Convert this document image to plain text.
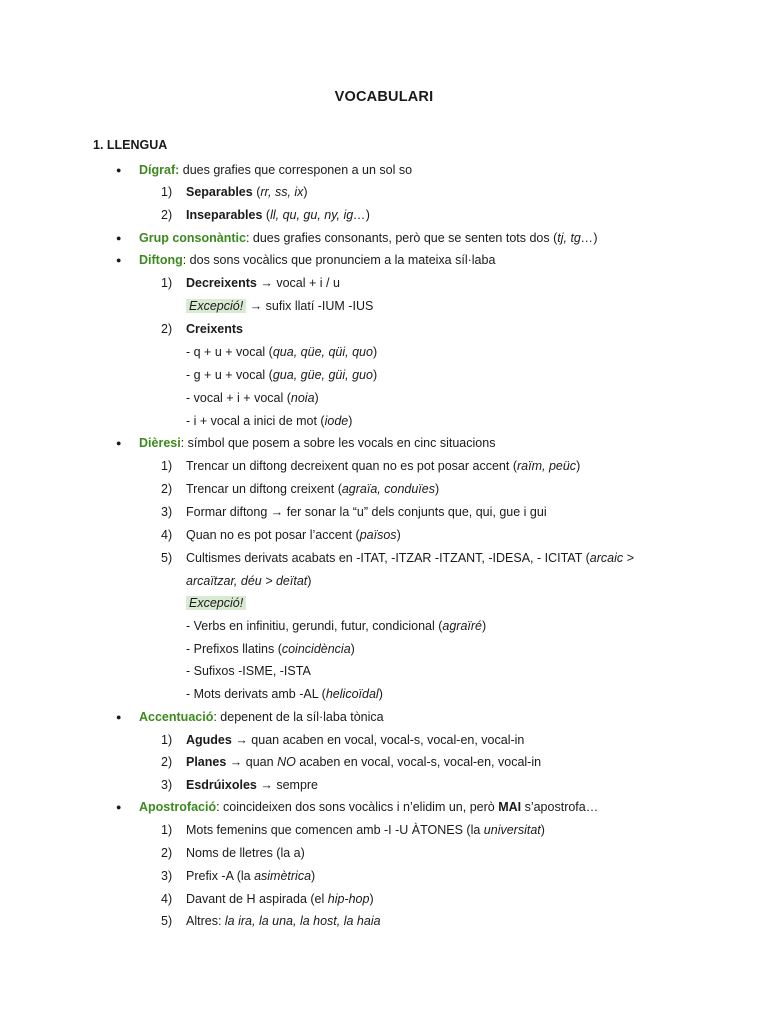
VOCABULARI
1. LLENGUA
● Dígraf: dues grafies que corresponen a un sol so
1) Separables (rr, ss, ix)
2) Inseparables (ll, qu, gu, ny, ig…)
● Grup consonàntic: dues grafies consonants, però que se senten tots dos (tj, tg…)
● Diftong: dos sons vocàlics que pronunciem a la mateixa síl·laba
1) Decreixents → vocal + i / u
Excepció! → sufix llatí -IUM -IUS
2) Creixents
- q + u + vocal (qua, qüe, qüi, quo)
- g + u + vocal (gua, güe, güi, guo)
- vocal + i + vocal (noia)
- i + vocal a inici de mot (iode)
● Dièresi: símbol que posem a sobre les vocals en cinc situacions
1) Trencar un diftong decreixent quan no es pot posar accent (raïm, peüc)
2) Trencar un diftong creixent (agraïa, conduïes)
3) Formar diftong → fer sonar la “u” dels conjunts que, qui, gue i gui
4) Quan no es pot posar l’accent (països)
5) Cultismes derivats acabats en -ITAT, -ITZAR -ITZANT, -IDESA, - ICITAT (arcaic >
arcaïtzar, déu > deïtat)
Excepció!
- Verbs en infinitiu, gerundi, futur, condicional (agraïré)
- Prefixos llatins (coincidència)
- Sufixos -ISME, -ISTA
- Mots derivats amb -AL (helicoïdal)
● Accentuació: depenent de la síl·laba tònica
1) Agudes → quan acaben en vocal, vocal-s, vocal-en, vocal-in
2) Planes → quan NO acaben en vocal, vocal-s, vocal-en, vocal-in
3) Esdrúixoles → sempre
● Apostrofació: coincideixen dos sons vocàlics i n’elidim un, però MAI s’apostrofa…
1) Mots femenins que comencen amb -I -U ÀTONES (la universitat)
2) Noms de lletres (la a)
3) Prefix -A (la asimètrica)
4) Davant de H aspirada (el hip-hop)
5) Altres: la ira, la una, la host, la haia
